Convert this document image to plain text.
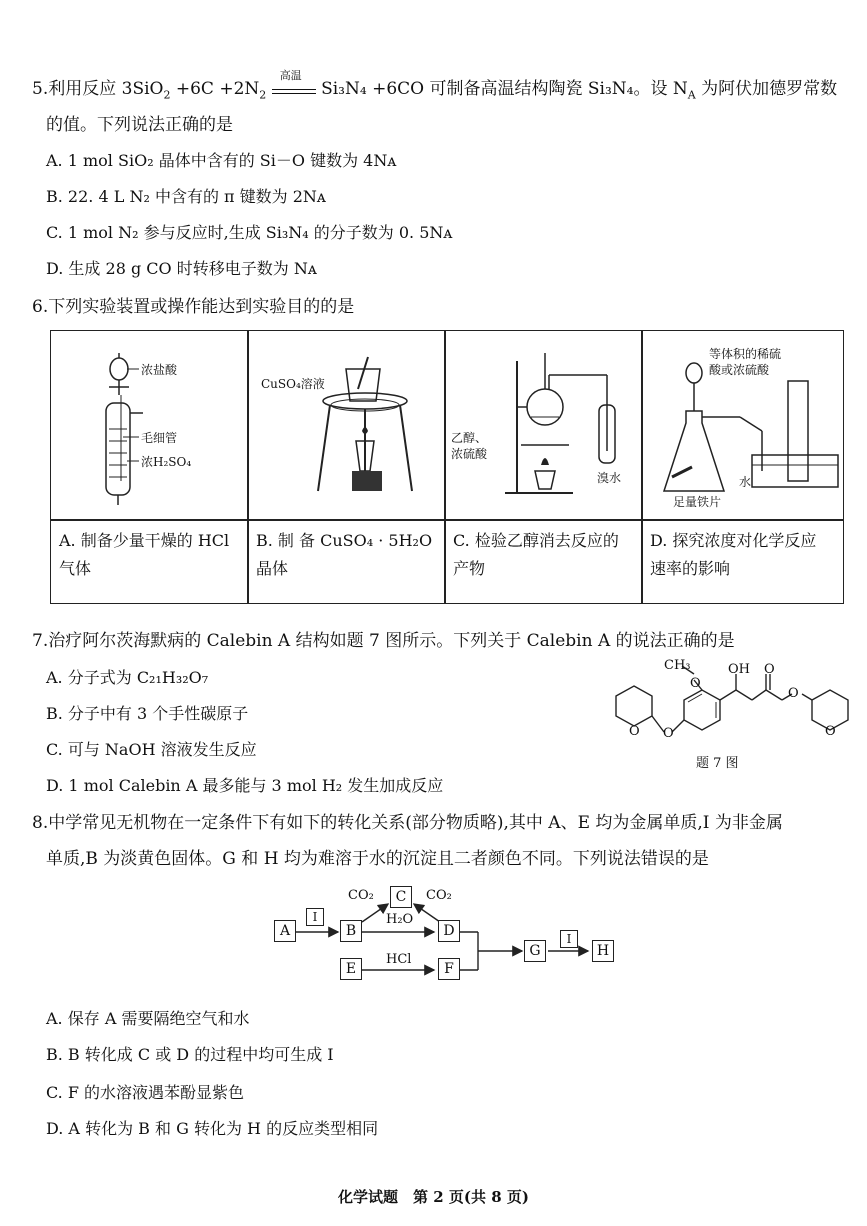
5.利用反应 $3SiO_2 +6C +2N_2$
高温
Si₃N₄ +6CO 可制备高温结构陶瓷 Si₃N₄。设 $N_A$ 为阿伏加德罗常数
的值。下列说法正确的是
A. 1 mol SiO₂ 晶体中含有的 Si－O 键数为 4Nᴀ
B. 22. 4 L N₂ 中含有的 π 键数为 2Nᴀ
C. 1 mol N₂ 参与反应时,生成 Si₃N₄ 的分子数为 0. 5Nᴀ
D. 生成 28 g CO 时转移电子数为 Nᴀ
6.下列实验装置或操作能达到实验目的的是
浓盐酸
毛细管
浓H₂SO₄
CuSO₄溶液
乙醇、
浓硫酸
溴水
等体积的稀硫
酸或浓硫酸
水
足量铁片
A. 制备少量干燥的 HCl 气体
B. 制 备 CuSO₄ · 5H₂O 晶体
C. 检验乙醇消去反应的产物
D. 探究浓度对化学反应速率的影响
7.治疗阿尔茨海默病的 Calebin A 结构如题 7 图所示。下列关于 Calebin A 的说法正确的是
A. 分子式为 C₂₁H₃₂O₇
B. 分子中有 3 个手性碳原子
C. 可与 NaOH 溶液发生反应
D. 1 mol Calebin A 最多能与 3 mol H₂ 发生加成反应
CH₃	OH O
O
O
O
O
O
题 7 图
8.中学常见无机物在一定条件下有如下的转化关系(部分物质略),其中 A、E 均为金属单质,I 为非金属
单质,B 为淡黄色固体。G 和 H 均为难溶于水的沉淀且二者颜色不同。下列说法错误的是
A
I
B
C
D
E	F
G
I
H
CO₂	CO₂
H₂O
HCl
A. 保存 A 需要隔绝空气和水
B. B 转化成 C 或 D 的过程中均可生成 I
C. F 的水溶液遇苯酚显紫色
D. A 转化为 B 和 G 转化为 H 的反应类型相同
化学试题　第 2 页(共 8 页)
